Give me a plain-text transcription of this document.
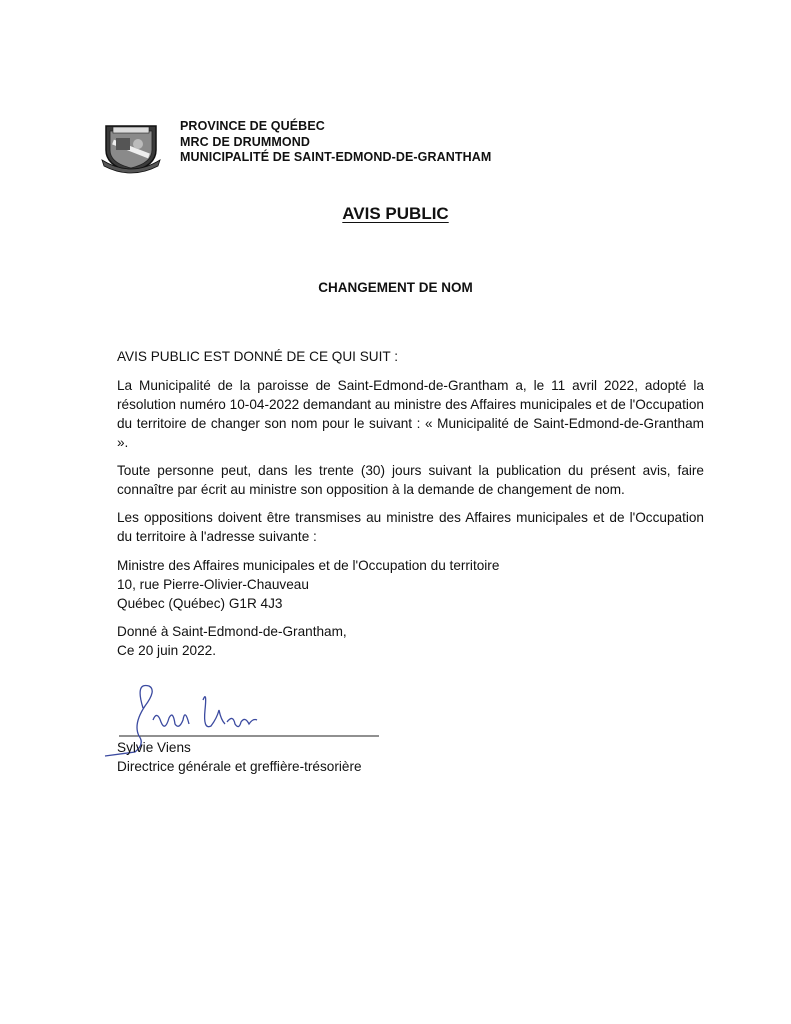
PROVINCE DE QUÉBEC
MRC DE DRUMMOND
MUNICIPALITÉ DE SAINT-EDMOND-DE-GRANTHAM
AVIS PUBLIC
CHANGEMENT DE NOM
AVIS PUBLIC EST DONNÉ DE CE QUI SUIT :
La Municipalité de la paroisse de Saint-Edmond-de-Grantham a, le 11 avril 2022, adopté la résolution numéro 10-04-2022 demandant au ministre des Affaires municipales et de l'Occupation du territoire de changer son nom pour le suivant : « Municipalité de Saint-Edmond-de-Grantham ».
Toute personne peut, dans les trente (30) jours suivant la publication du présent avis, faire connaître par écrit au ministre son opposition à la demande de changement de nom.
Les oppositions doivent être transmises au ministre des Affaires municipales et de l'Occupation du territoire à l'adresse suivante :
Ministre des Affaires municipales et de l'Occupation du territoire
10, rue Pierre-Olivier-Chauveau
Québec (Québec) G1R 4J3
Donné à Saint-Edmond-de-Grantham,
Ce 20 juin 2022.
Sylvie Viens
Directrice générale et greffière-trésorière
